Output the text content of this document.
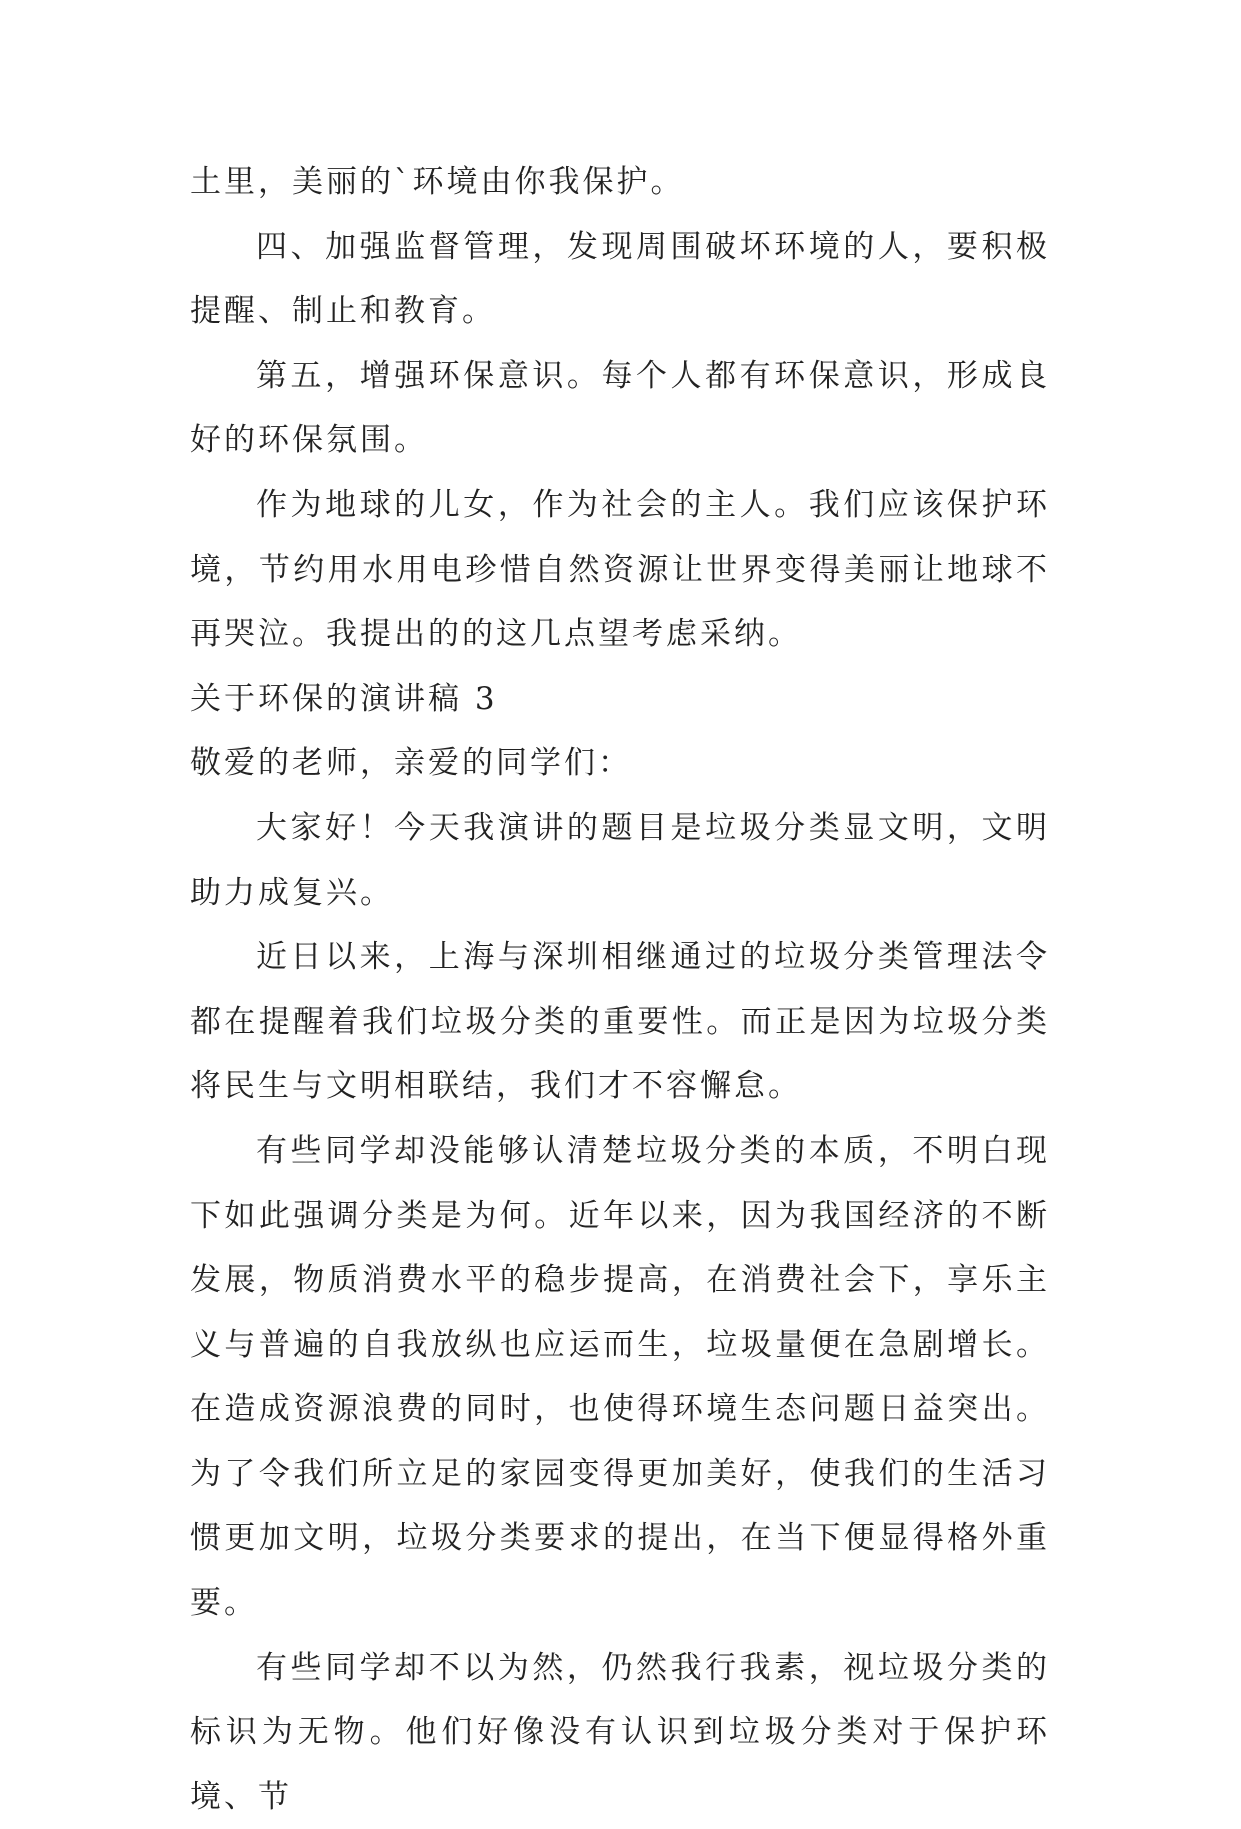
土里，美丽的`环境由你我保护。

四、加强监督管理，发现周围破坏环境的人，要积极提醒、制止和教育。

第五，增强环保意识。每个人都有环保意识，形成良好的环保氛围。

作为地球的儿女，作为社会的主人。我们应该保护环境，节约用水用电珍惜自然资源让世界变得美丽让地球不再哭泣。我提出的的这几点望考虑采纳。

关于环保的演讲稿 3

敬爱的老师，亲爱的同学们：

大家好！今天我演讲的题目是垃圾分类显文明，文明助力成复兴。

近日以来，上海与深圳相继通过的垃圾分类管理法令都在提醒着我们垃圾分类的重要性。而正是因为垃圾分类将民生与文明相联结，我们才不容懈怠。

有些同学却没能够认清楚垃圾分类的本质，不明白现下如此强调分类是为何。近年以来，因为我国经济的不断发展，物质消费水平的稳步提高，在消费社会下，享乐主义与普遍的自我放纵也应运而生，垃圾量便在急剧增长。在造成资源浪费的同时，也使得环境生态问题日益突出。为了令我们所立足的家园变得更加美好，使我们的生活习惯更加文明，垃圾分类要求的提出，在当下便显得格外重要。

有些同学却不以为然，仍然我行我素，视垃圾分类的标识为无物。他们好像没有认识到垃圾分类对于保护环境、节
